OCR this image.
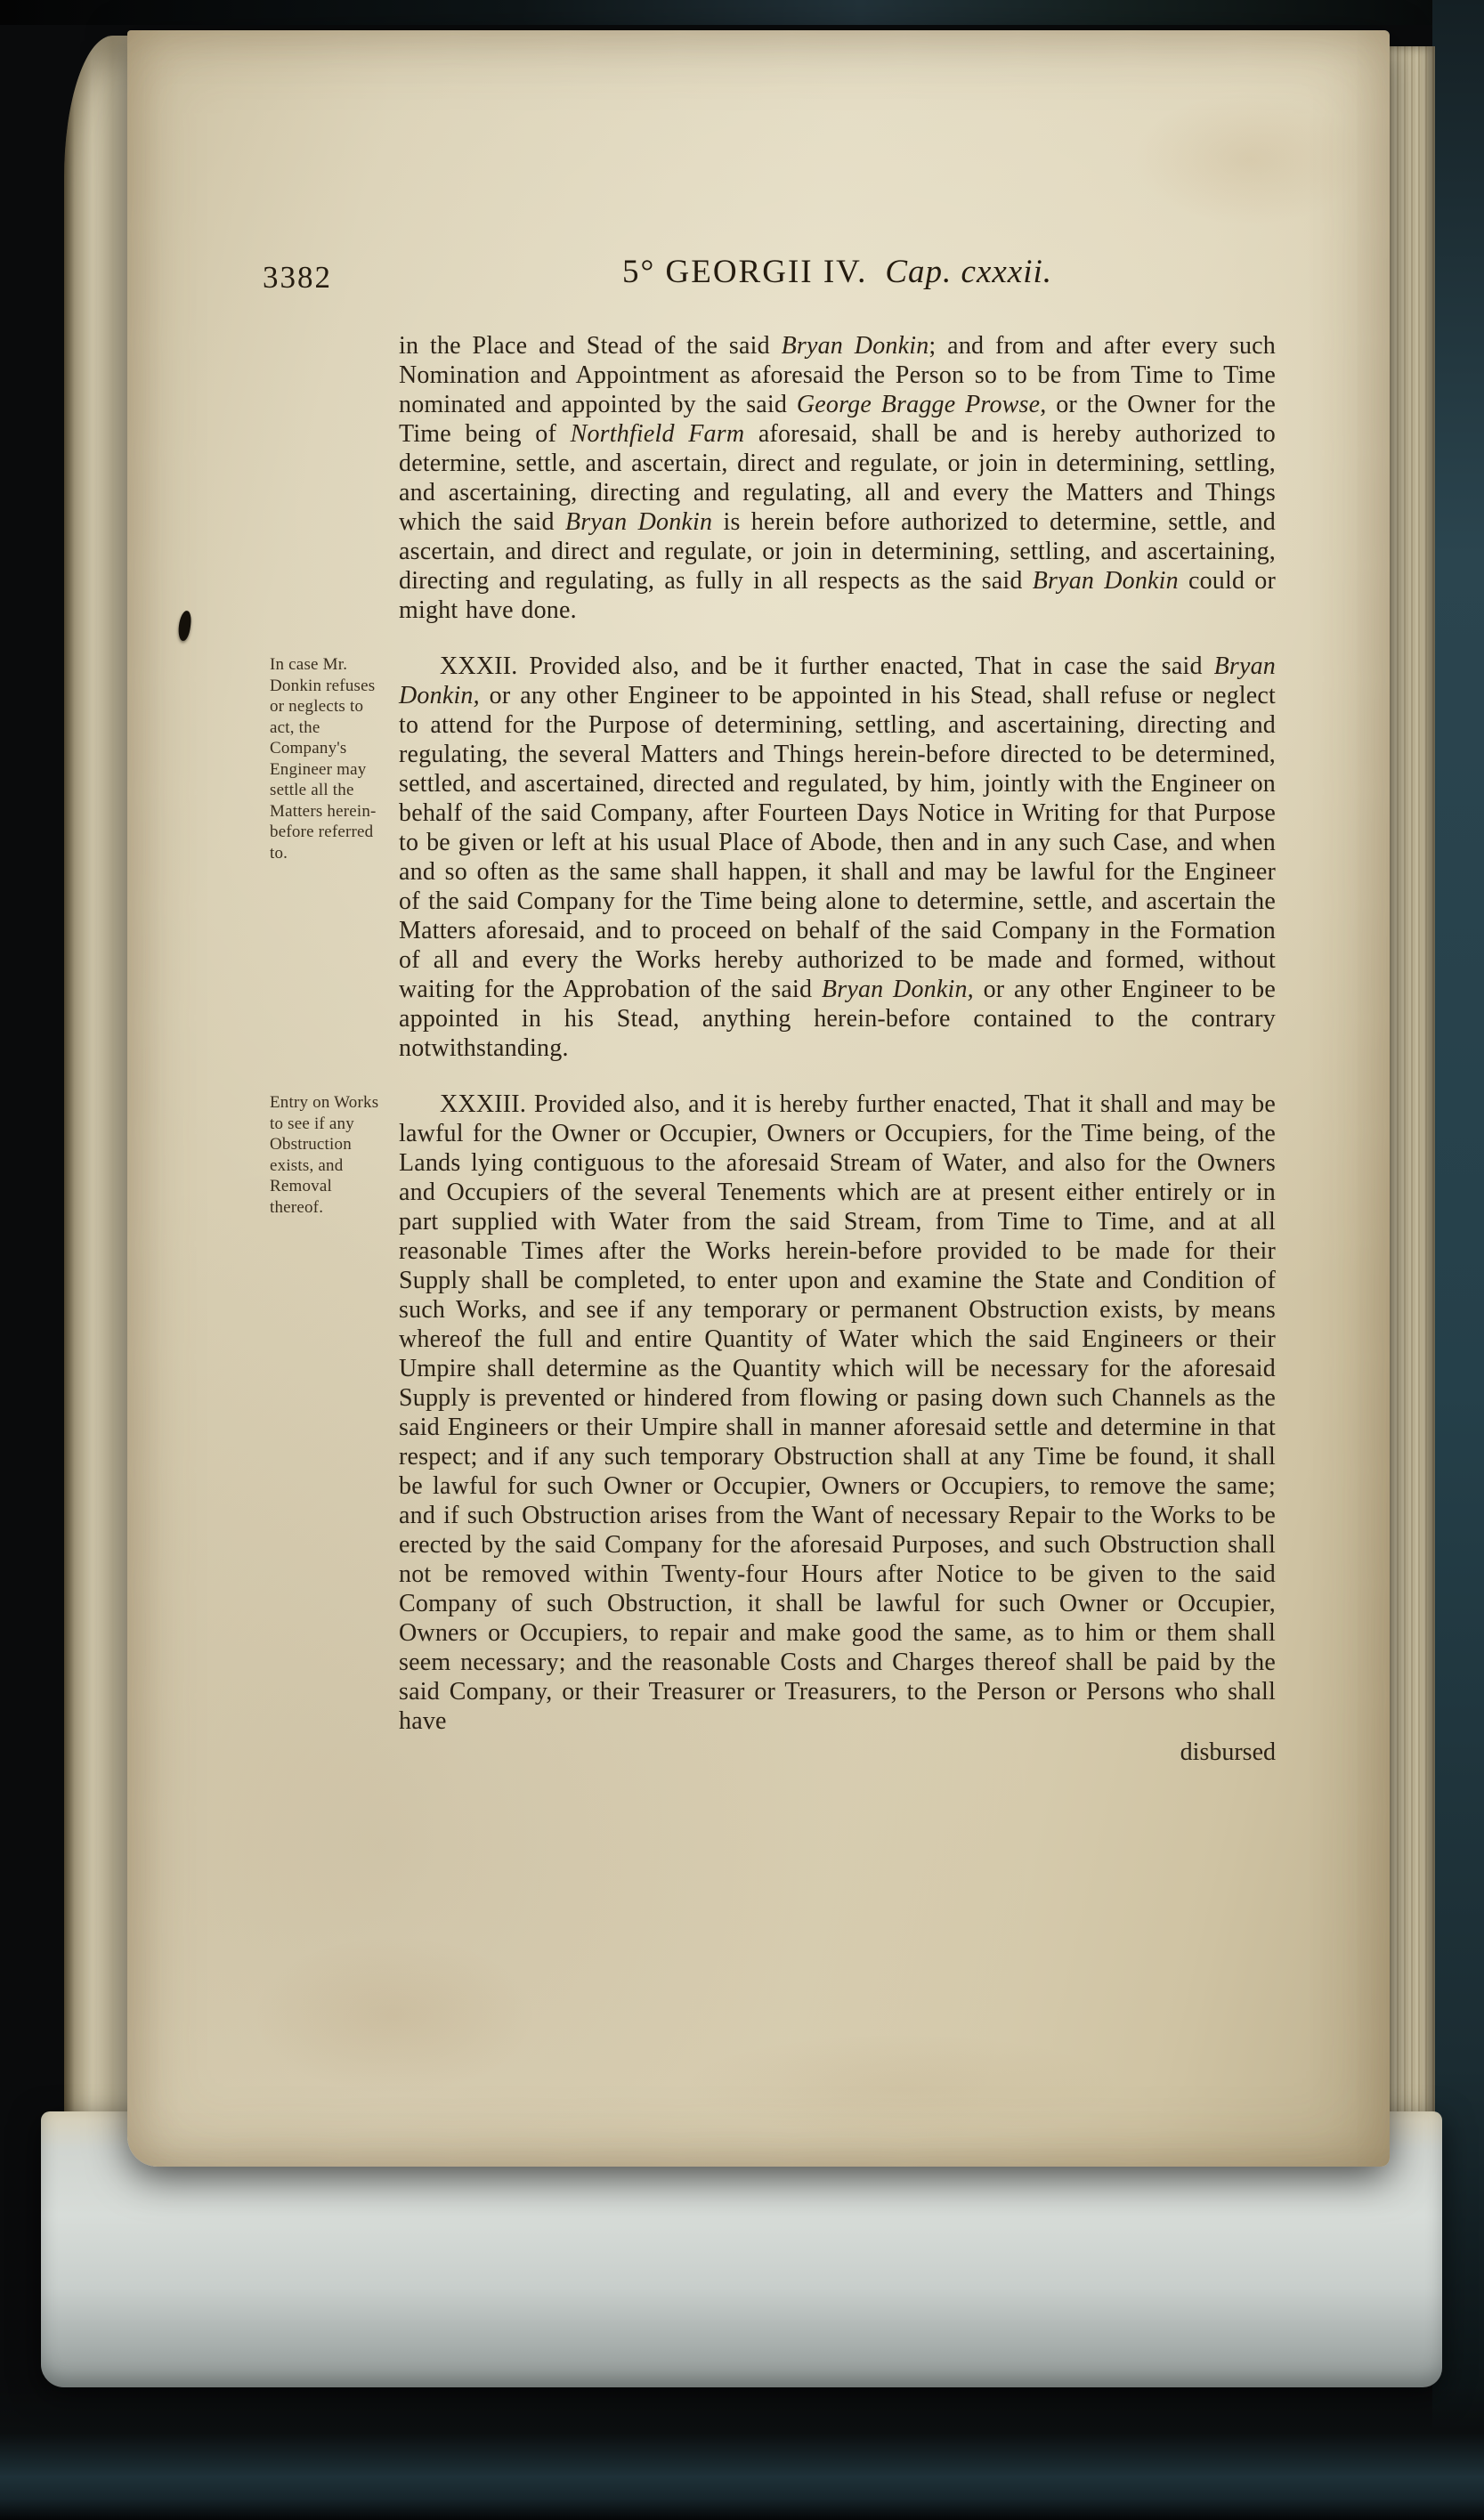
3382	5° GEORGII IV. Cap. cxxxii.
disbursed

in the Place and Stead of the said Bryan Donkin; and from and after every such Nomination and Appointment as aforesaid the Person so to be from Time to Time nominated and appointed by the said George Bragge Prowse, or the Owner for the Time being of Northfield Farm aforesaid, shall be and is hereby authorized to determine, settle, and ascertain, direct and regulate, or join in determining, settling, and ascertaining, directing and regulating, all and every the Matters and Things which the said Bryan Donkin is herein before authorized to determine, settle, and ascertain, and direct and regulate, or join in determining, settling, and ascertaining, directing and regulating, as fully in all respects as the said Bryan Donkin could or might have done.

In case Mr. Donkin refuses or neglects to act, the Company's Engineer may settle all the Matters herein-before referred to.

XXXII. Provided also, and be it further enacted, That in case the said Bryan Donkin, or any other Engineer to be appointed in his Stead, shall refuse or neglect to attend for the Purpose of determining, settling, and ascertaining, directing and regulating, the several Matters and Things herein-before directed to be determined, settled, and ascertained, directed and regulated, by him, jointly with the Engineer on behalf of the said Company, after Fourteen Days Notice in Writing for that Purpose to be given or left at his usual Place of Abode, then and in any such Case, and when and so often as the same shall happen, it shall and may be lawful for the Engineer of the said Company for the Time being alone to determine, settle, and ascertain the Matters aforesaid, and to proceed on behalf of the said Company in the Formation of all and every the Works hereby authorized to be made and formed, without waiting for the Approbation of the said Bryan Donkin, or any other Engineer to be appointed in his Stead, anything herein-before contained to the contrary notwithstanding.

Entry on Works to see if any Obstruction exists, and Removal thereof.

XXXIII. Provided also, and it is hereby further enacted, That it shall and may be lawful for the Owner or Occupier, Owners or Occupiers, for the Time being, of the Lands lying contiguous to the aforesaid Stream of Water, and also for the Owners and Occupiers of the several Tenements which are at present either entirely or in part supplied with Water from the said Stream, from Time to Time, and at all reasonable Times after the Works herein-before provided to be made for their Supply shall be completed, to enter upon and examine the State and Condition of such Works, and see if any temporary or permanent Obstruction exists, by means whereof the full and entire Quantity of Water which the said Engineers or their Umpire shall determine as the Quantity which will be necessary for the aforesaid Supply is prevented or hindered from flowing or pasing down such Channels as the said Engineers or their Umpire shall in manner aforesaid settle and determine in that respect; and if any such temporary Obstruction shall at any Time be found, it shall be lawful for such Owner or Occupier, Owners or Occupiers, to remove the same; and if such Obstruction arises from the Want of necessary Repair to the Works to be erected by the said Company for the aforesaid Purposes, and such Obstruction shall not be removed within Twenty-four Hours after Notice to be given to the said Company of such Obstruction, it shall be lawful for such Owner or Occupier, Owners or Occupiers, to repair and make good the same, as to him or them shall seem necessary; and the reasonable Costs and Charges thereof shall be paid by the said Company, or their Treasurer or Treasurers, to the Person or Persons who shall have
